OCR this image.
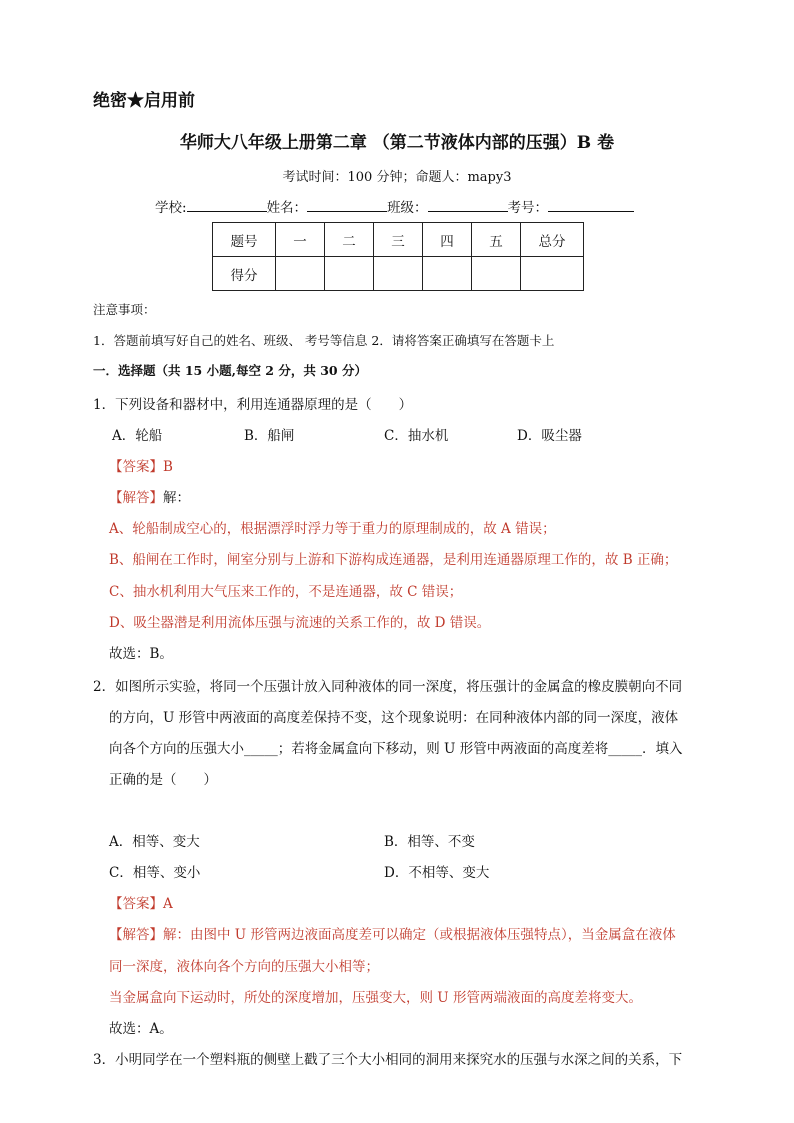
绝密★启用前
华师大八年级上册第二章 （第二节液体内部的压强）B 卷
考试时间：100 分钟；命题人：mapy3
学校:	姓名：	班级：	考号：
题号	一	二	三	四	五	总分
得分						
注意事项：
1．答题前填写好自己的姓名、班级、 考号等信息 2．请将答案正确填写在答题卡上
一．选择题（共 15 小题,每空 2 分，共 30 分）
1．下列设备和器材中，利用连通器原理的是（　　）
A．轮船	B．船闸	C．抽水机	D．吸尘器
【答案】B
【解答】解：
A、轮船制成空心的，根据漂浮时浮力等于重力的原理制成的，故 A 错误；
B、船闸在工作时，闸室分别与上游和下游构成连通器，是利用连通器原理工作的，故 B 正确；
C、抽水机利用大气压来工作的，不是连通器，故 C 错误；
D、吸尘器潜是利用流体压强与流速的关系工作的，故 D 错误。
故选：B。
2．如图所示实验，将同一个压强计放入同种液体的同一深度，将压强计的金属盒的橡皮膜朝向不同
的方向，U 形管中两液面的高度差保持不变，这个现象说明：在同种液体内部的同一深度，液体
向各个方向的压强大小_____；若将金属盒向下移动，则 U 形管中两液面的高度差将_____．填入
正确的是（　　）
A．相等、变大	B．相等、不变
C．相等、变小	D．不相等、变大
【答案】A
【解答】解：由图中 U 形管两边液面高度差可以确定（或根据液体压强特点），当金属盒在液体
同一深度，液体向各个方向的压强大小相等；
当金属盒向下运动时，所处的深度增加，压强变大，则 U 形管两端液面的高度差将变大。
故选：A。
3．小明同学在一个塑料瓶的侧壁上戳了三个大小相同的洞用来探究水的压强与水深之间的关系，下
